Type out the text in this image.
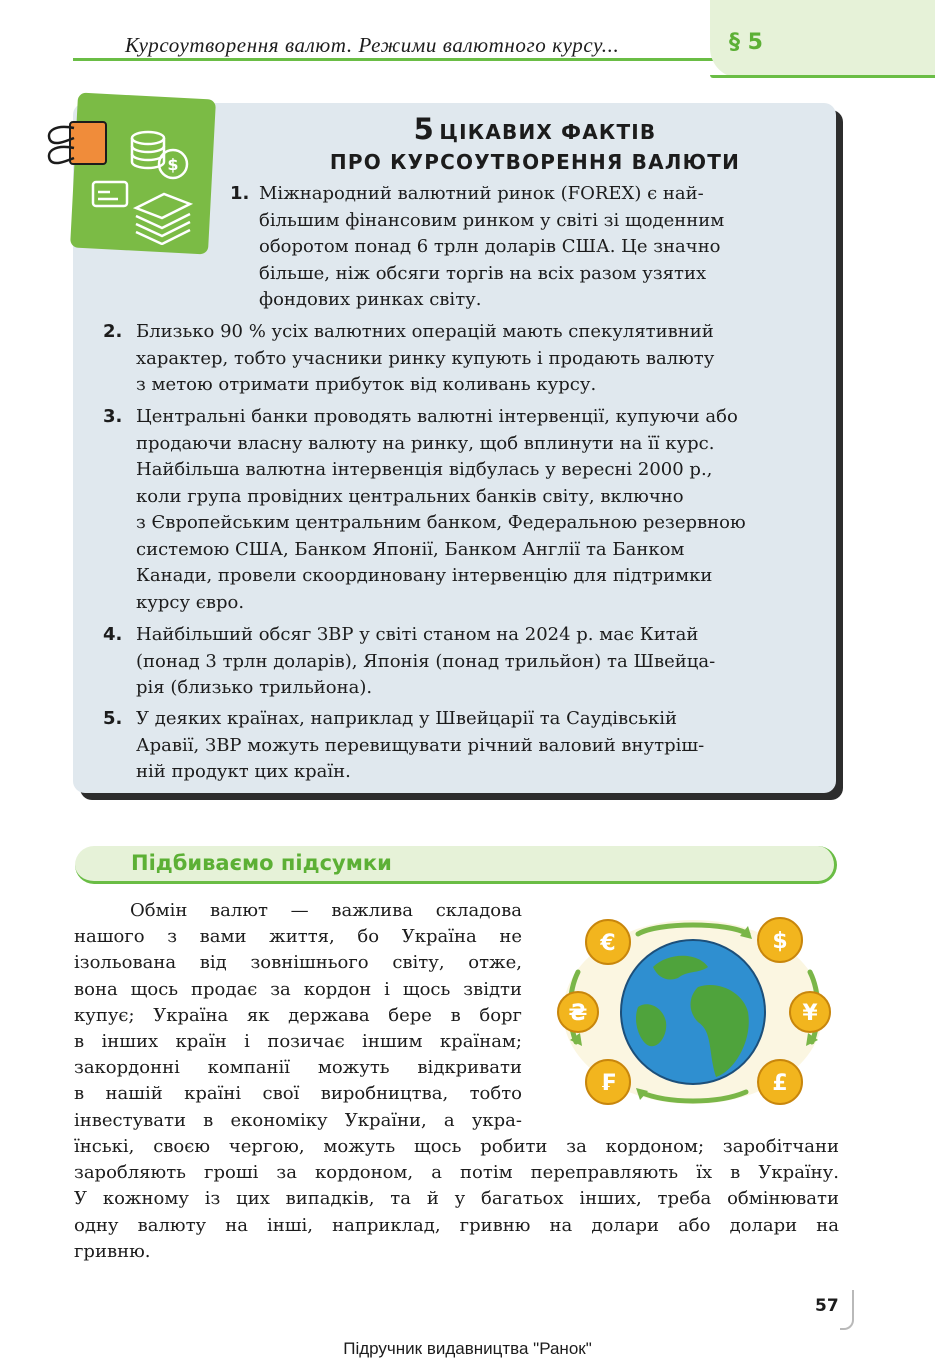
Курсоутворення валют. Режими валютного курсу...	§ 5
$
5 ЦІКАВИХ ФАКТІВ
ПРО КУРСОУТВОРЕННЯ ВАЛЮТИ
1. Міжнародний валютний ринок (FOREX) є най-
більшим фінансовим ринком у світі зі щоденним
оборотом понад 6 трлн доларів США. Це значно
більше, ніж обсяги торгів на всіх разом узятих
фондових ринках світу.
2. Близько 90 % усіх валютних операцій мають спекулятивний
характер, тобто учасники ринку купують і продають валюту
з метою отримати прибуток від коливань курсу.
3. Центральні банки проводять валютні інтервенції, купуючи або
продаючи власну валюту на ринку, щоб вплинути на її курс.
Найбільша валютна інтервенція відбулась у вересні 2000 р.,
коли група провідних центральних банків світу, включно
з Європейським центральним банком, Федеральною резервною
системою США, Банком Японії, Банком Англії та Банком
Канади, провели скоординовану інтервенцію для підтримки
курсу євро.
4. Найбільший обсяг ЗВР у світі станом на 2024 р. має Китай
(понад 3 трлн доларів), Японія (понад трильйон) та Швейца-
рія (близько трильйона).
5. У деяких країнах, наприклад у Швейцарії та Саудівській
Аравії, ЗВР можуть перевищувати річний валовий внутріш-
ній продукт цих країн.
Підбиваємо підсумки
Обмін валют — важлива складова
нашого з вами життя, бо Україна не
ізольована від зовнішнього світу, отже,
вона щось продає за кордон і щось звідти
купує; Україна як держава бере в борг
в інших країн і позичає іншим країнам;
закордонні компанії можуть відкривати
в нашій країні свої виробництва, тобто
інвестувати в економіку України, а укра-
їнські, своєю чергою, можуть щось робити за кордоном; заробітчани
заробляють гроші за кордоном, а потім переправляють їх в Україну.
У кожному із цих випадків, та й у багатьох інших, треба обмінювати
одну валюту на інші, наприклад, гривню на долари або долари на
гривню.
€	$
₴	¥
₣	£
57
Підручник видавництва "Ранок"
